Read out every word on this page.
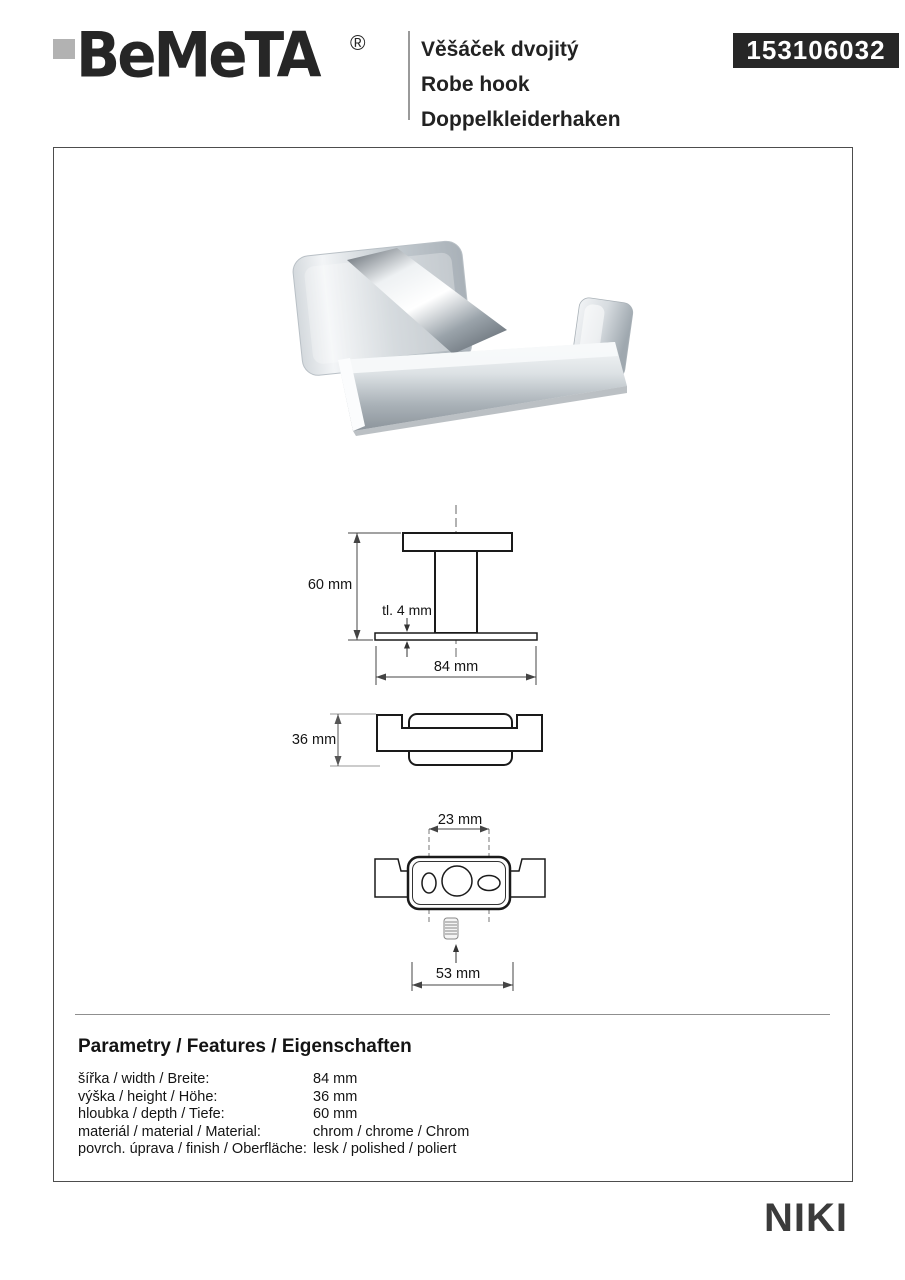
BeMeTA ®	Věšáček dvojitý
Robe hook
Doppelkleiderhaken
153106032
60 mm
tl. 4 mm
84 mm
36 mm
23 mm
53 mm
Parametry / Features / Eigenschaften
šířka / width / Breite:	84 mm
výška / height / Höhe:	36 mm
hloubka / depth / Tiefe:	60 mm
materiál / material / Material:	chrom / chrome / Chrom
povrch. úprava / finish / Oberfläche: lesk / polished / poliert
NIKI
